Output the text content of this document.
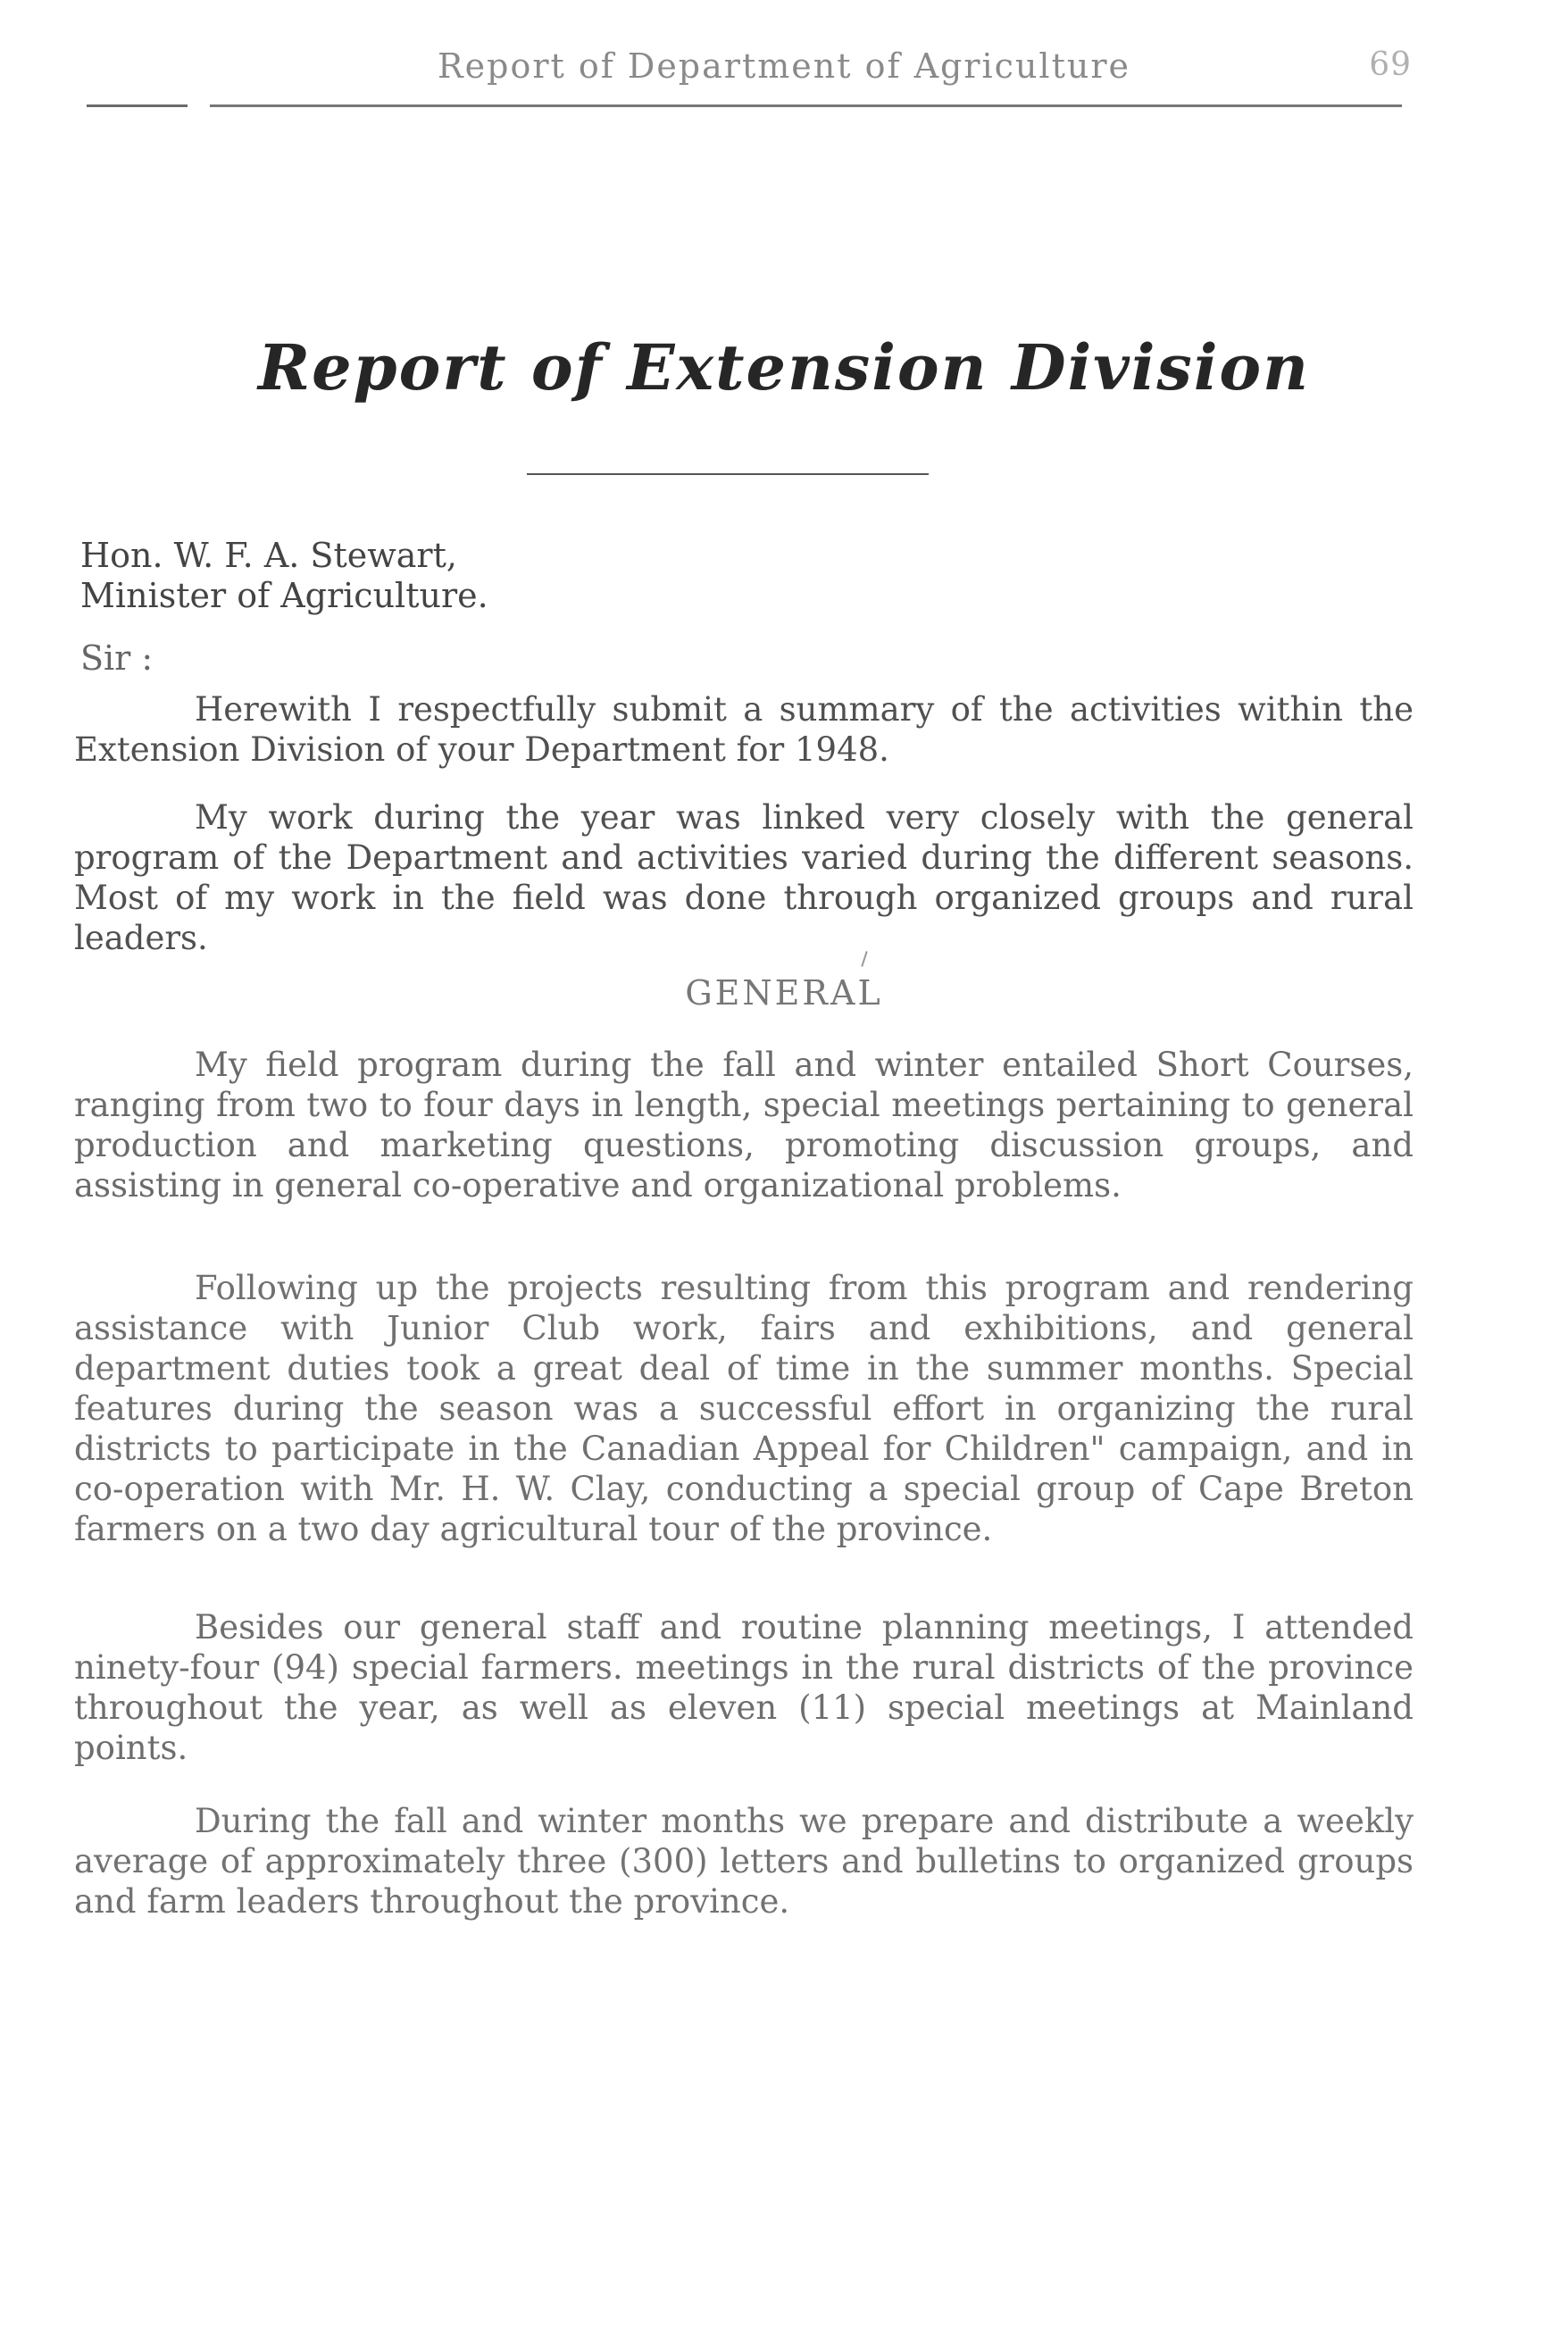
Report of Department of Agriculture	69
Report of Extension Division
Hon. W. F. A. Stewart,
Minister of Agriculture.
Sir :

Herewith I respectfully submit a summary of the activities within the Extension Division of your Department for 1948.

My work during the year was linked very closely with the general program of the Department and activities varied during the different seasons. Most of my work in the field was done through organized groups and rural leaders.

GENERAL

My field program during the fall and winter entailed Short Courses, ranging from two to four days in length, special meetings pertaining to general production and marketing questions, promoting discussion groups, and assisting in general co-operative and organizational problems.

Following up the projects resulting from this program and rendering assistance with Junior Club work, fairs and exhibitions, and general department duties took a great deal of time in the summer months. Special features during the season was a successful effort in organizing the rural districts to participate in the Canadian Appeal for Children" campaign, and in co-operation with Mr. H. W. Clay, conducting a special group of Cape Breton farmers on a two day agricultural tour of the province.

Besides our general staff and routine planning meetings, I attended ninety-four (94) special farmers. meetings in the rural districts of the province throughout the year, as well as eleven (11) special meetings at Mainland points.

During the fall and winter months we prepare and distribute a weekly average of approximately three (300) letters and bulletins to organized groups and farm leaders throughout the province.
